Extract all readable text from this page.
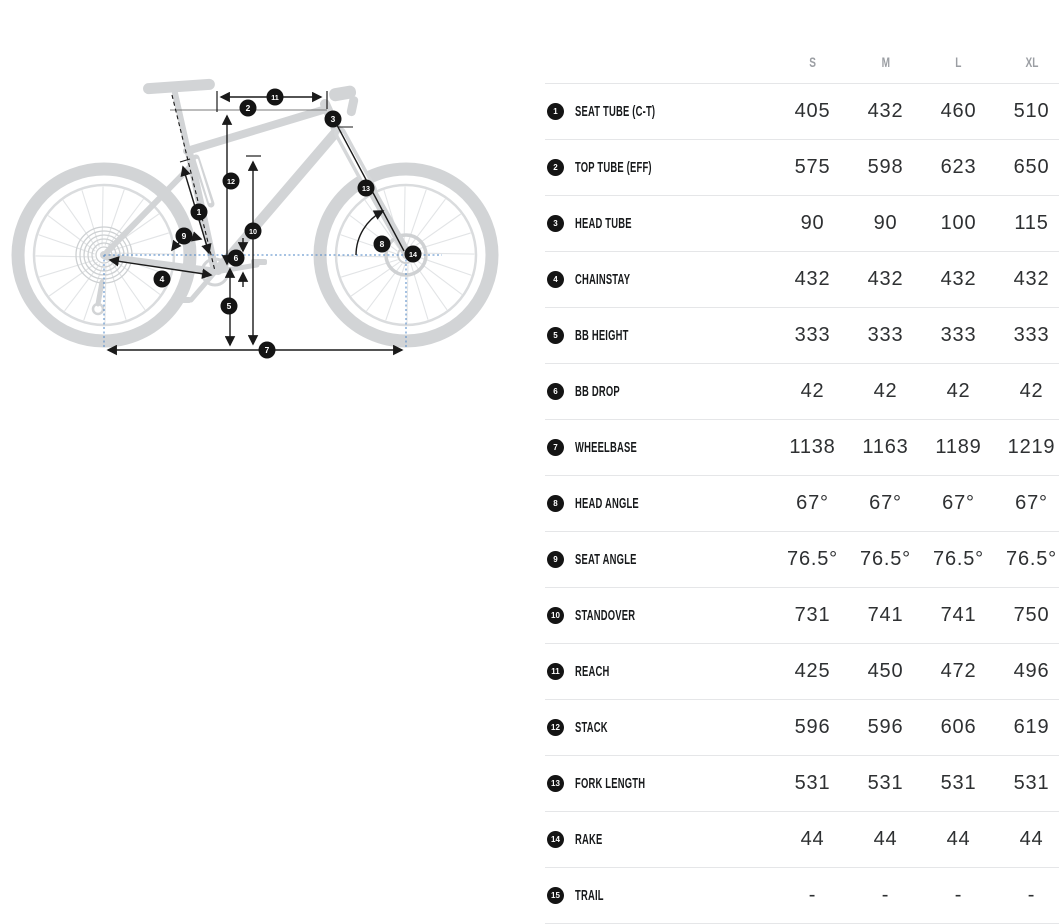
1
2
3
4
5
6
7
8
9	10
11
12
13
14
S	M	L	XL
1	SEAT TUBE (C-T)	405	432	460	510
2	TOP TUBE (EFF)	575	598	623	650
3	HEAD TUBE	90	90	100	115
4	CHAINSTAY	432	432	432	432
5	BB HEIGHT	333	333	333	333
6	BB DROP	42	42	42	42
7	WHEELBASE	1138	1163	1189	1219
8	HEAD ANGLE	67°	67°	67°	67°
9	SEAT ANGLE	76.5°	76.5°	76.5°	76.5°
10 STANDOVER	731	741	741	750
11 REACH	425	450	472	496
12 STACK	596	596	606	619
13 FORK LENGTH	531	531	531	531
14 RAKE	44	44	44	44
15 TRAIL	-	-	-	-
